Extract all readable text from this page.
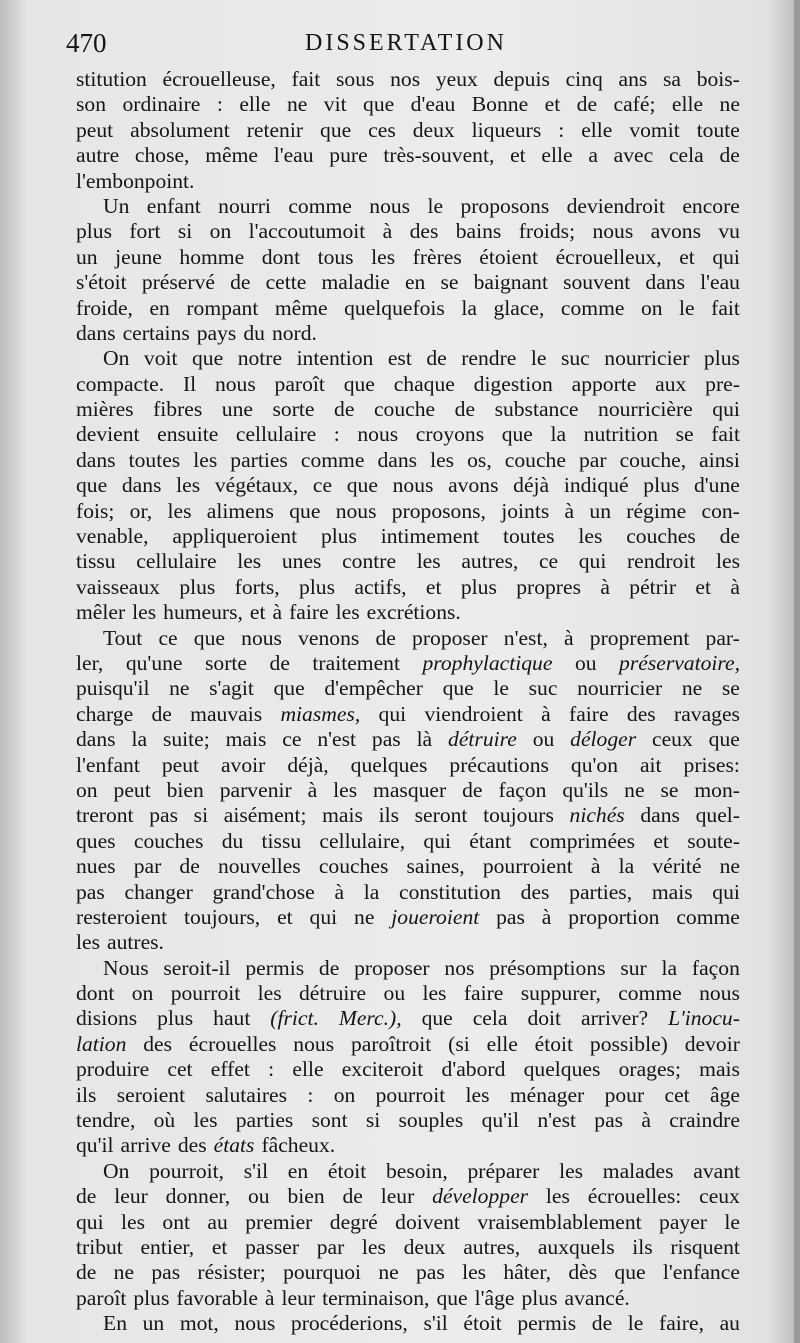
470	DISSERTATION
stitution écrouelleuse, fait sous nos yeux depuis cinq ans sa bois-
son ordinaire : elle ne vit que d'eau Bonne et de café; elle ne
peut absolument retenir que ces deux liqueurs : elle vomit toute
autre chose, même l'eau pure très-souvent, et elle a avec cela de
l'embonpoint.
Un enfant nourri comme nous le proposons deviendroit encore
plus fort si on l'accoutumoit à des bains froids; nous avons vu
un jeune homme dont tous les frères étoient écrouelleux, et qui
s'étoit préservé de cette maladie en se baignant souvent dans l'eau
froide, en rompant même quelquefois la glace, comme on le fait
dans certains pays du nord.
On voit que notre intention est de rendre le suc nourricier plus
compacte. Il nous paroît que chaque digestion apporte aux pre-
mières fibres une sorte de couche de substance nourricière qui
devient ensuite cellulaire : nous croyons que la nutrition se fait
dans toutes les parties comme dans les os, couche par couche, ainsi
que dans les végétaux, ce que nous avons déjà indiqué plus d'une
fois; or, les alimens que nous proposons, joints à un régime con-
venable, appliqueroient plus intimement toutes les couches de
tissu cellulaire les unes contre les autres, ce qui rendroit les
vaisseaux plus forts, plus actifs, et plus propres à pétrir et à
mêler les humeurs, et à faire les excrétions.
Tout ce que nous venons de proposer n'est, à proprement par-
ler, qu'une sorte de traitement prophylactique ou préservatoire,
puisqu'il ne s'agit que d'empêcher que le suc nourricier ne se
charge de mauvais miasmes, qui viendroient à faire des ravages
dans la suite; mais ce n'est pas là détruire ou déloger ceux que
l'enfant peut avoir déjà, quelques précautions qu'on ait prises:
on peut bien parvenir à les masquer de façon qu'ils ne se mon-
treront pas si aisément; mais ils seront toujours nichés dans quel-
ques couches du tissu cellulaire, qui étant comprimées et soute-
nues par de nouvelles couches saines, pourroient à la vérité ne
pas changer grand'chose à la constitution des parties, mais qui
resteroient toujours, et qui ne joueroient pas à proportion comme
les autres.
Nous seroit-il permis de proposer nos présomptions sur la façon
dont on pourroit les détruire ou les faire suppurer, comme nous
disions plus haut (frict. Merc.), que cela doit arriver? L'inocu-
lation des écrouelles nous paroîtroit (si elle étoit possible) devoir
produire cet effet : elle exciteroit d'abord quelques orages; mais
ils seroient salutaires : on pourroit les ménager pour cet âge
tendre, où les parties sont si souples qu'il n'est pas à craindre
qu'il arrive des états fâcheux.
On pourroit, s'il en étoit besoin, préparer les malades avant
de leur donner, ou bien de leur développer les écrouelles: ceux
qui les ont au premier degré doivent vraisemblablement payer le
tribut entier, et passer par les deux autres, auxquels ils risquent
de ne pas résister; pourquoi ne pas les hâter, dès que l'enfance
paroît plus favorable à leur terminaison, que l'âge plus avancé.
En un mot, nous procéderions, s'il étoit permis de le faire, au
